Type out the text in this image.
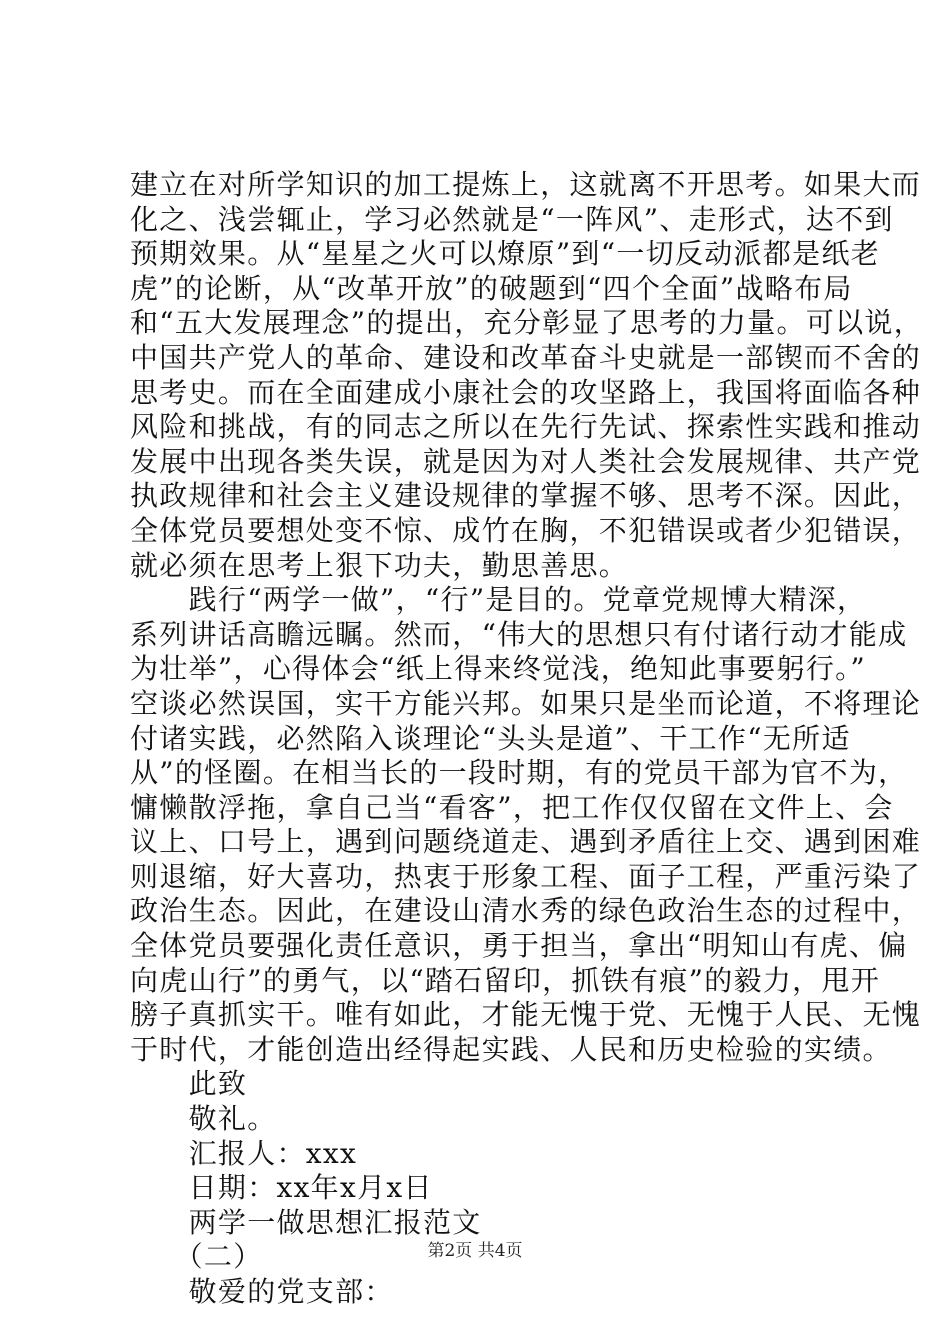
建立在对所学知识的加工提炼上，这就离不开思考。如果大而
化之、浅尝辄止，学习必然就是“一阵风”、走形式，达不到
预期效果。从“星星之火可以燎原”到“一切反动派都是纸老
虎”的论断，从“改革开放”的破题到“四个全面”战略布局
和“五大发展理念”的提出，充分彰显了思考的力量。可以说，
中国共产党人的革命、建设和改革奋斗史就是一部锲而不舍的
思考史。而在全面建成小康社会的攻坚路上，我国将面临各种
风险和挑战，有的同志之所以在先行先试、探索性实践和推动
发展中出现各类失误，就是因为对人类社会发展规律、共产党
执政规律和社会主义建设规律的掌握不够、思考不深。因此，
全体党员要想处变不惊、成竹在胸，不犯错误或者少犯错误，
就必须在思考上狠下功夫，勤思善思。
　　践行“两学一做”，“行”是目的。党章党规博大精深，
系列讲话高瞻远瞩。然而，“伟大的思想只有付诸行动才能成
为壮举”，心得体会“纸上得来终觉浅，绝知此事要躬行。”
空谈必然误国，实干方能兴邦。如果只是坐而论道，不将理论
付诸实践，必然陷入谈理论“头头是道”、干工作“无所适
从”的怪圈。在相当长的一段时期，有的党员干部为官不为，
慵懒散浮拖，拿自己当“看客”，把工作仅仅留在文件上、会
议上、口号上，遇到问题绕道走、遇到矛盾往上交、遇到困难
则退缩，好大喜功，热衷于形象工程、面子工程，严重污染了
政治生态。因此，在建设山清水秀的绿色政治生态的过程中，
全体党员要强化责任意识，勇于担当，拿出“明知山有虎、偏
向虎山行”的勇气，以“踏石留印，抓铁有痕”的毅力，甩开
膀子真抓实干。唯有如此，才能无愧于党、无愧于人民、无愧
于时代，才能创造出经得起实践、人民和历史检验的实绩。
　　此致
　　敬礼。
　　汇报人：xxx
　　日期：xx年x月x日
　　两学一做思想汇报范文
　　（二）
　　敬爱的党支部：
第2页 共4页
